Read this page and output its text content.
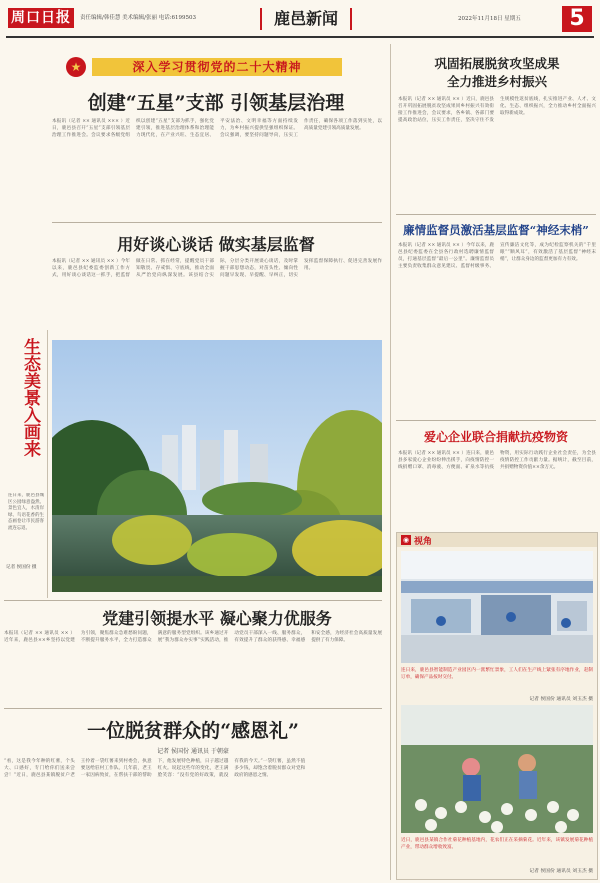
周口日报	责任编辑/韩佳慧 美术编辑/张丽 电话:6199503	鹿邑新闻	2022年11月18日 星期五	5
★	深入学习贯彻党的二十大精神
创建“五星”支部 引领基层治理
本报讯（记者 ×× 通讯员 ××× ）近日，鹿邑县召开“五星”支部引领基层治理工作推进会。会议要求各级党组织以创建“五星”支部为抓手，强化党建引领，推进基层治理体系和治理能力现代化，在产业兴旺、生态宜居、平安法治、文明幸福等方面持续发力，为乡村振兴提供坚强组织保证。会议强调，要坚持问题导向，压实工作责任，确保各项工作落到实处，以高质量党建引领高质量发展。
用好谈心谈话 做实基层监督
本报讯（记者 ×× 通讯员 ×× ）今年以来，鹿邑县纪委监委创新工作方式，用好谈心谈话这一抓手，把监督做在日常、抓在经常，提醒党员干部知敬畏、存戒惧、守底线，推动全面从严治党向纵深发展。该县结合实际，分层分类开展谈心谈话，及时掌握干部思想动态，对苗头性、倾向性问题早发现、早提醒、早纠正，切实发挥监督保障执行、促进完善发展作用。
生态美景入画来
连日来，鹿邑县城区公园绿意盎然、景色宜人，水清岸绿、鸟语花香的生态画卷让市民游客流连忘返。
记者 侯国份 摄
党建引领提水平 凝心聚力优服务
本报讯（记者 ×× 通讯员 ×× ）近年来，鹿邑县××乡坚持以党建为引领，聚焦群众急难愁盼问题，不断提升服务水平，全力打造群众满意的服务型党组织。该乡通过开展“我为群众办实事”实践活动，推动党员干部深入一线、服务群众，有效提升了群众的获得感、幸福感和安全感，为经济社会高质量发展提供了有力保障。
一位脱贫群众的“感恩礼”
记者 侯国份 通讯员 于朝豪
“看，这是我今年种的红薯，个头大、口感好，专门给你们送来尝尝！”近日，鹿邑县某镇脱贫户老王拎着一袋红薯来到村委会，执意要送给驻村工作队。几年前，老王一家因病致贫，在帮扶干部的帮助下，他发展特色种植，日子越过越红火。说起这些年的变化，老王满脸笑容：“没有党的好政策，就没有我的今天。”一袋红薯，虽然不值多少钱，却饱含着脱贫群众对党和政府的感恩之情。
巩固拓展脱贫攻坚成果
全力推进乡村振兴
本报讯（记者 ×× 通讯员 ×× ）近日，鹿邑县召开巩固拓展脱贫攻坚成果同乡村振兴有效衔接工作推进会，会议要求，各乡镇、各部门要提高政治站位，压实工作责任，坚决守住不发生规模性返贫底线，扎实推进产业、人才、文化、生态、组织振兴，全力推动乡村全面振兴取得新成效。
廉情监督员激活基层监督“神经末梢”
本报讯（记者 ×× 通讯员 ×× ）今年以来，鹿邑县纪委监委在全县各行政村选聘廉情监督员，打通基层监督“最后一公里”。廉情监督员主要负责收集群众意见建议、监督村级事务、宣传廉洁文化等，成为纪检监察机关的“千里眼”“顺风耳”，有效激活了基层监督“神经末梢”，让群众身边的监督更加有力有效。
爱心企业联合捐献抗疫物资
本报讯（记者 ×× 通讯员 ×× ）连日来，鹿邑县多家爱心企业纷纷伸出援手，向疫情防控一线捐赠口罩、消毒液、方便面、矿泉水等抗疫物资，用实际行动践行企业社会责任，为全县疫情防控工作贡献力量。据统计，截至目前，共捐赠物资价值××余万元。
◉ 视角
连日来，鹿邑县智能制造产业园区内一派繁忙景象，工人们在生产线上紧张有序地作业，赶制订单，确保产品按时交付。
记者 侯国份 通讯员 刘玉杰 摄
近日，鹿邑县某镇合作社菊花种植基地内，花农们正在采摘菊花。近年来，该镇发展菊花种植产业，带动群众增收致富。
记者 侯国份 通讯员 刘玉杰 摄
